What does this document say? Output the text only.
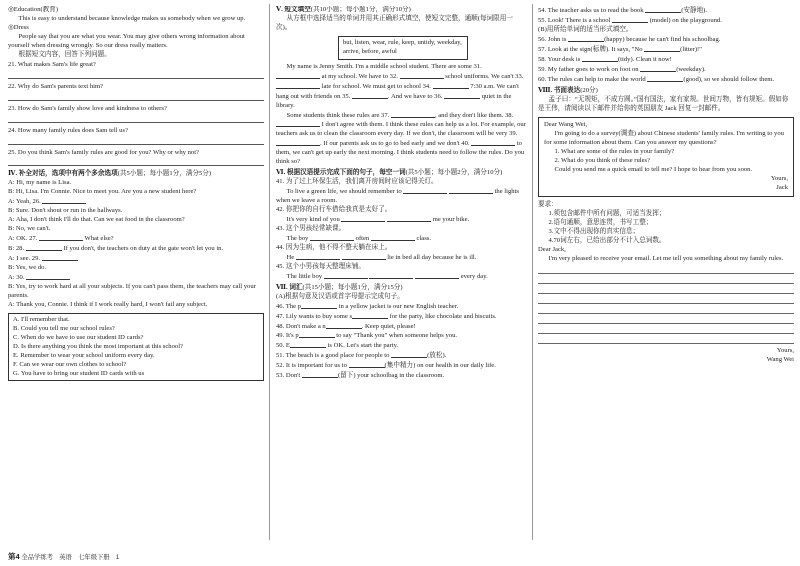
◎Education(教育)

This is easy to understand because knowledge makes us somebody when we grow up.

◎Dress

People say that you are what you wear. You may give others wrong information about yourself when dressing wrongly. So our dress really matters.

根据短文内容，回答下列问题。

21. What makes Sam's life great?

22. Why do Sam's parents text him?

23. How do Sam's family show love and kindness to others?

24. How many family rules does Sam tell us?

25. Do you think Sam's family rules are good for you? Why or why not?

Ⅳ. 补全对话，选项中有两个多余选项(共5小题；每小题1分，满分5分)

A: Hi, my name is Lisa.

B: Hi, Lisa. I'm Connie. Nice to meet you. Are you a new student here?

A: Yeah, 26.

B: Sure. Don't shout or run in the hallways.

A: Aha, I don't think I'll do that. Can we eat food in the classroom?

B: No, we can't.

A: OK. 27.	What else?

B: 28.	If you don't, the teachers on duty at the gate won't let you in.

A: I see. 29.

B: Yes, we do.

A: 30.

B: Yes, try to work hard at all your subjects. If you can't pass them, the teachers may call your parents.

A: Thank you, Connie. I think if I work really hard, I won't fail any subject.

A. I'll remember that.

B. Could you tell me our school rules?

C. When do we have to use our student ID cards?

D. Is there anything you think the most important at this school?

E. Remember to wear your school uniform every day.

F. Can we wear our own clothes to school?

G. You have to bring our student ID cards with us

Ⅴ. 短文填空(共10小题；每小题1分，满分10分)

从方框中选择适当的单词并用其正确形式填空，使短文完整，通顺(每词限用一次)。

but, listen, wear, rule, keep, untidy, weekday, arrive, before, awful

My name is Jenny Smith. I'm a middle school student. There are some 31.  at my school. We have to 32.	school uniforms. We can't 33.  late for school. We must get to school 34.	7:30 a.m. We can't hang out with friends on 35.	. And we have to 36.	quiet in the library.

Some students think these rules are 37.	, and they don't like them. 38.  I don't agree with them. I think these rules can help us a lot. For example, our teachers ask us to clean the classroom every day. If we don't, the classroom will be very 39. . If our parents ask us to go to bed early and we don't 40.	to them, we can't get up early the next morning. I think students need to follow the rules. Do you think so?

Ⅵ. 根据汉语提示完成下面的句子，每空一词(共5小题；每小题2分，满分10分)

41. 为了过上环保生活，我们离开房间时应该记得关灯。

To live a green life, we should remember to	the lights when we leave a room.

42. 你把你的自行车借给我真是太好了。

It's very kind of you	me your bike.

43. 这个男孩经常缺课。

The boy	often	class.

44. 因为生病，他不得不整天躺在床上。

He	lie in bed all day because he is ill.

45. 这个小男孩每天整理床铺。

The little boy	every day.

Ⅶ. 词汇(共15小题；每小题1分，满分15分)

(A)根据句意及汉语或首字母提示完成句子。

46. The p	in a yellow jacket is our new English teacher.

47. Lily wants to buy some s	for the party, like chocolate and biscuits.

48. Don't make a n	. Keep quiet, please!

49. It's p	to say "Thank you" when someone helps you.

50. E	is OK. Let's start the party.

51. The beach is a good place for people to	(放松).

52. It is important for us to	(集中精力) on our health in our daily life.

53. Don't	(留下) your schoolbag in the classroom.

54. The teacher asks us to read the book	(安静地).

55. Look! There is a school	(model) on the playground.

(B)用所给单词的适当形式填空。

56. John is	(happy) because he can't find his schoolbag.

57. Look at the sign(标牌). It says, "No	(litter)!"

58. Your desk is	(tidy). Clean it now!

59. My father goes to work on foot on	(weekday).

60. The rules can help to make the world	(good), so we should follow them.

Ⅷ. 书面表达(20分)

孟子曰：“无规矩，不成方圆。”国有国法，家有家规。世间万物，皆有规矩。假如你是王伟，请阅读以下邮件并给你的英国朋友 Jack 回复一封邮件。

Dear Wang Wei,

I'm going to do a survey(调查) about Chinese students' family rules. I'm writing to you for some information about them. Can you answer my questions?

1. What are some of the rules in your family?

2. What do you think of these rules?

Could you send me a quick email to tell me? I hope to hear from you soon.

Yours,

Jack

要求：

1.须包含邮件中所有问题，可适当发挥；

2.语句通顺，意思连贯，书写工整；

3.文中不得出现你的真实信息；

4.70词左右，已给出部分不计入总词数。

Dear Jack,

I'm very pleased to receive your email. Let me tell you something about my family rules.

Yours,

Wang Wei

第4 全品学练考　英语　七年级下册　1
